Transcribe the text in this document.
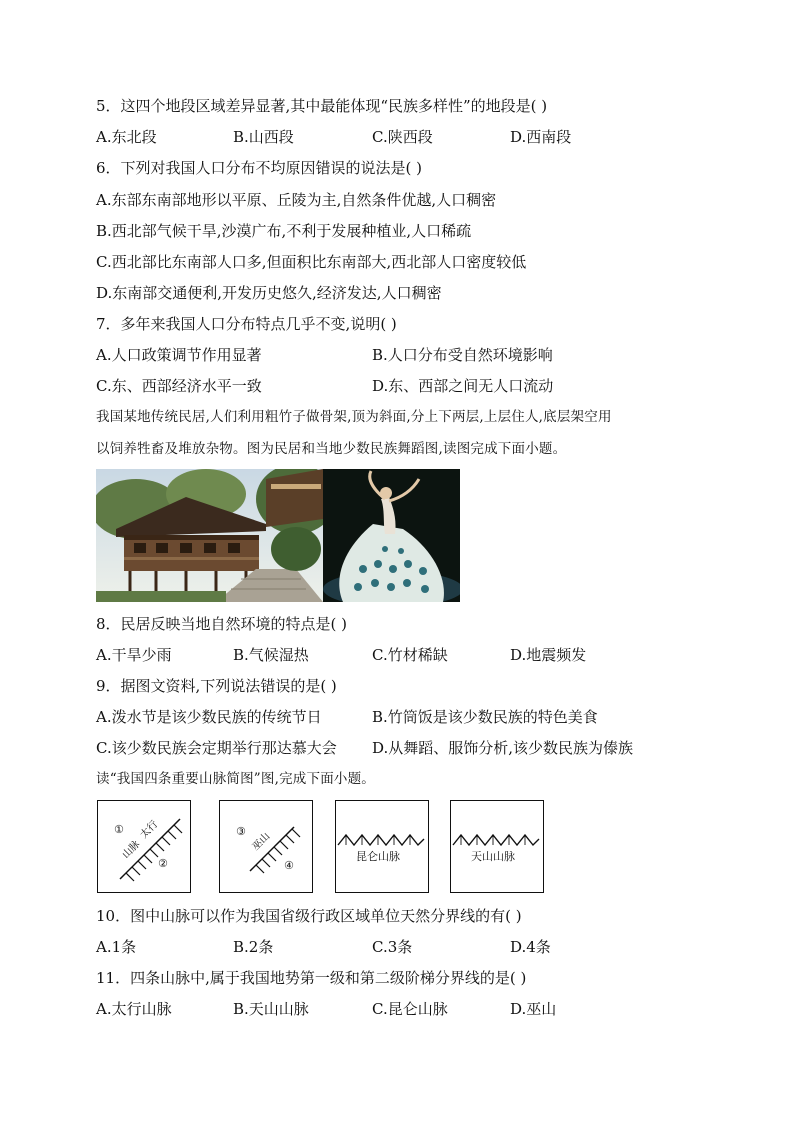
5．这四个地段区域差异显著,其中最能体现“民族多样性”的地段是( )
A.东北段	B.山西段	C.陕西段	D.西南段
6．下列对我国人口分布不均原因错误的说法是( )
A.东部东南部地形以平原、丘陵为主,自然条件优越,人口稠密
B.西北部气候干旱,沙漠广布,不利于发展种植业,人口稀疏
C.西北部比东南部人口多,但面积比东南部大,西北部人口密度较低
D.东南部交通便利,开发历史悠久,经济发达,人口稠密
7．多年来我国人口分布特点几乎不变,说明( )
A.人口政策调节作用显著	B.人口分布受自然环境影响
C.东、西部经济水平一致	D.东、西部之间无人口流动
我国某地传统民居,人们利用粗竹子做骨架,顶为斜面,分上下两层,上层住人,底层架空用
以饲养牲畜及堆放杂物。图为民居和当地少数民族舞蹈图,读图完成下面小题。
8．民居反映当地自然环境的特点是( )
A.干旱少雨	B.气候湿热	C.竹材稀缺	D.地震频发
9．据图文资料,下列说法错误的是( )
A.泼水节是该少数民族的传统节日	B.竹筒饭是该少数民族的特色美食
C.该少数民族会定期举行那达慕大会 D.从舞蹈、服饰分析,该少数民族为傣族
读“我国四条重要山脉简图”图,完成下面小题。
①
②
太行
山脉
③
④
巫山
昆仑山脉	天山山脉
10．图中山脉可以作为我国省级行政区域单位天然分界线的有( )
A.1条	B.2条	C.3条	D.4条
11．四条山脉中,属于我国地势第一级和第二级阶梯分界线的是( )
A.太行山脉	B.天山山脉	C.昆仑山脉	D.巫山
